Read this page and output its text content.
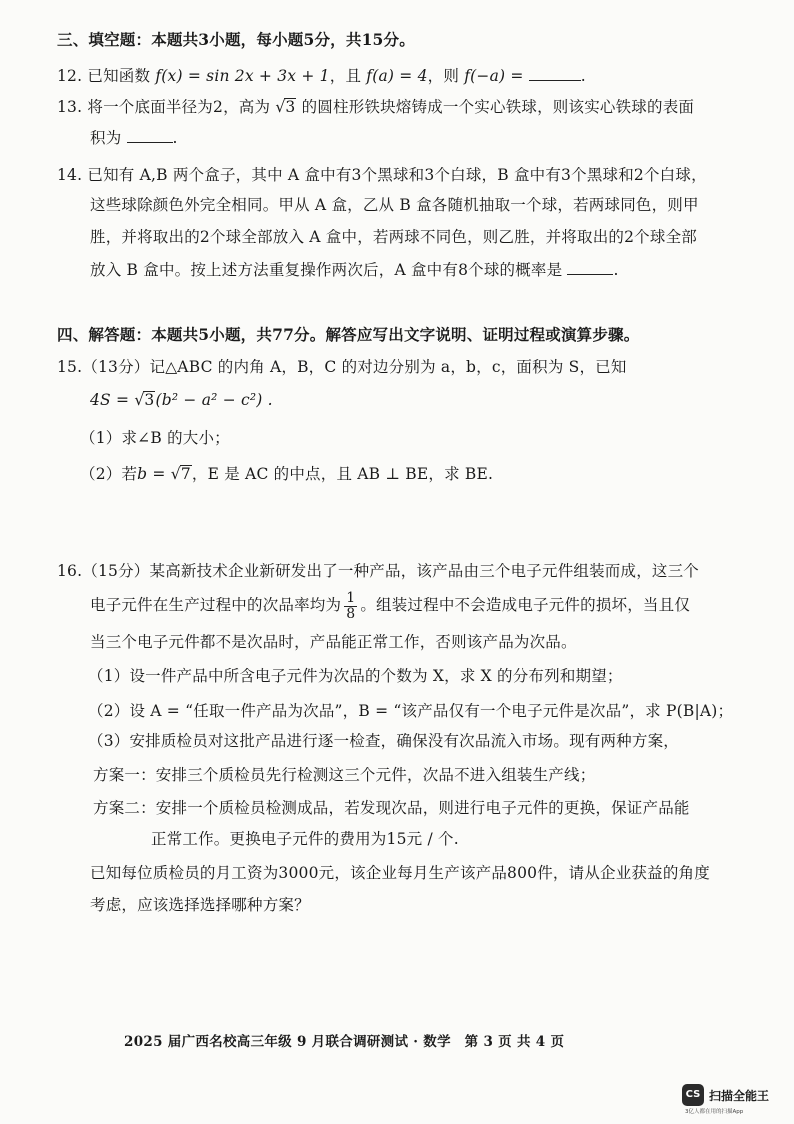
三、填空题：本题共3小题，每小题5分，共15分。
12. 已知函数 f(x) = sin 2x + 3x + 1，且 f(a) = 4，则 f(−a) =	.
13. 将一个底面半径为2，高为 √3 的圆柱形铁块熔铸成一个实心铁球，则该实心铁球的表面
积为	.
14. 已知有 A,B 两个盒子，其中 A 盒中有3个黑球和3个白球，B 盒中有3个黑球和2个白球，
这些球除颜色外完全相同。甲从 A 盒，乙从 B 盒各随机抽取一个球，若两球同色，则甲
胜，并将取出的2个球全部放入 A 盒中，若两球不同色，则乙胜，并将取出的2个球全部
放入 B 盒中。按上述方法重复操作两次后，A 盒中有8个球的概率是	.
四、解答题：本题共5小题，共77分。解答应写出文字说明、证明过程或演算步骤。
15.（13分）记△ABC 的内角 A，B，C 的对边分别为 a，b，c，面积为 S，已知
4S = √3(b² − a² − c²) .
（1）求∠B 的大小；
（2）若b = √7，E 是 AC 的中点，且 AB ⊥ BE，求 BE.
16.（15分）某高新技术企业新研发出了一种产品，该产品由三个电子元件组装而成，这三个
电子元件在生产过程中的次品率均为 $\frac{1}{8}$ 。组装过程中不会造成电子元件的损坏，当且仅
当三个电子元件都不是次品时，产品能正常工作，否则该产品为次品。
（1）设一件产品中所含电子元件为次品的个数为 X，求 X 的分布列和期望；
（2）设 A = “任取一件产品为次品”，B = “该产品仅有一个电子元件是次品”，求 P(B|A)；
（3）安排质检员对这批产品进行逐一检查，确保没有次品流入市场。现有两种方案，
方案一：安排三个质检员先行检测这三个元件，次品不进入组装生产线；
方案二：安排一个质检员检测成品，若发现次品，则进行电子元件的更换，保证产品能
正常工作。更换电子元件的费用为15元 / 个.
已知每位质检员的月工资为3000元，该企业每月生产该产品800件，请从企业获益的角度
考虑，应该选择选择哪种方案？
2025 届广西名校高三年级 9 月联合调研测试 · 数学　第 3 页 共 4 页
CS 扫描全能王
3亿人都在用的扫描App
